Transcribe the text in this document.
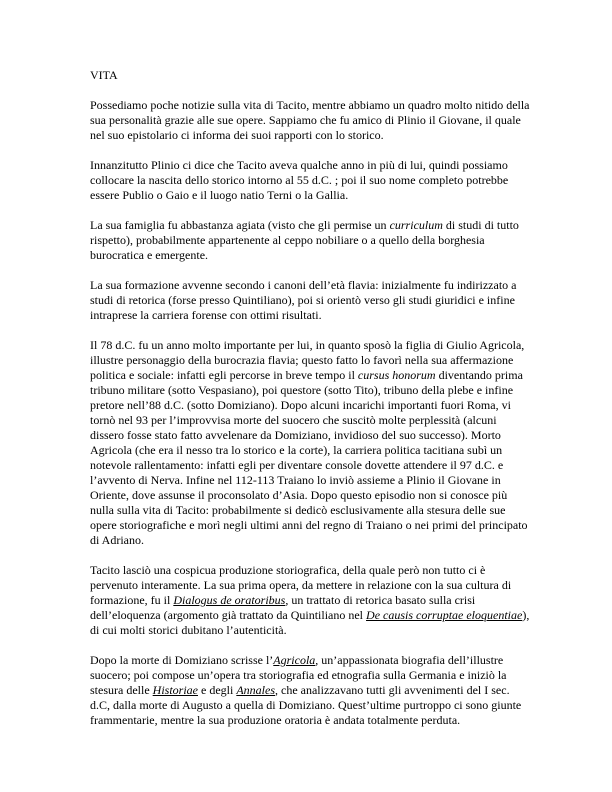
VITA

Possediamo poche notizie sulla vita di Tacito, mentre abbiamo un quadro molto nitido della sua personalità grazie alle sue opere. Sappiamo che fu amico di Plinio il Giovane, il quale nel suo epistolario ci informa dei suoi rapporti con lo storico.

Innanzitutto Plinio ci dice che Tacito aveva qualche anno in più di lui, quindi possiamo collocare la nascita dello storico intorno al 55 d.C. ; poi il suo nome completo potrebbe essere Publio o Gaio e il luogo natio Terni o la Gallia.

La sua famiglia fu abbastanza agiata (visto che gli permise un curriculum di studi di tutto rispetto), probabilmente appartenente al ceppo nobiliare o a quello della borghesia burocratica e emergente.

La sua formazione avvenne secondo i canoni dell’età flavia: inizialmente fu indirizzato a studi di retorica (forse presso Quintiliano), poi si orientò verso gli studi giuridici e infine intraprese la carriera forense con ottimi risultati.

Il 78 d.C. fu un anno molto importante per lui, in quanto sposò la figlia di Giulio Agricola, illustre personaggio della burocrazia flavia; questo fatto lo favorì nella sua affermazione politica e sociale: infatti egli percorse in breve tempo il cursus honorum diventando prima tribuno militare (sotto Vespasiano), poi questore (sotto Tito), tribuno della plebe e infine pretore nell’88 d.C. (sotto Domiziano). Dopo alcuni incarichi importanti fuori Roma, vi tornò nel 93 per l’improvvisa morte del suocero che suscitò molte perplessità (alcuni dissero fosse stato fatto avvelenare da Domiziano, invidioso del suo successo). Morto Agricola (che era il nesso tra lo storico e la corte), la carriera politica tacitiana subì un notevole rallentamento: infatti egli per diventare console dovette attendere il 97 d.C. e l’avvento di Nerva. Infine nel 112-113 Traiano lo inviò assieme a Plinio il Giovane in Oriente, dove assunse il proconsolato d’Asia. Dopo questo episodio non si conosce più nulla sulla vita di Tacito: probabilmente si dedicò esclusivamente alla stesura delle sue opere storiografiche e morì negli ultimi anni del regno di Traiano o nei primi del principato di Adriano.

Tacito lasciò una cospicua produzione storiografica, della quale però non tutto ci è pervenuto interamente. La sua prima opera, da mettere in relazione con la sua cultura di formazione, fu il Dialogus de oratoribus, un trattato di retorica basato sulla crisi dell’eloquenza (argomento già trattato da Quintiliano nel De causis corruptae eloquentiae), di cui molti storici dubitano l’autenticità.

Dopo la morte di Domiziano scrisse l’Agricola, un’appassionata biografia dell’illustre suocero; poi compose un’opera tra storiografia ed etnografia sulla Germania e iniziò la stesura delle Historiae e degli Annales, che analizzavano tutti gli avvenimenti del I sec. d.C, dalla morte di Augusto a quella di Domiziano. Quest’ultime purtroppo ci sono giunte frammentarie, mentre la sua produzione oratoria è andata totalmente perduta.
